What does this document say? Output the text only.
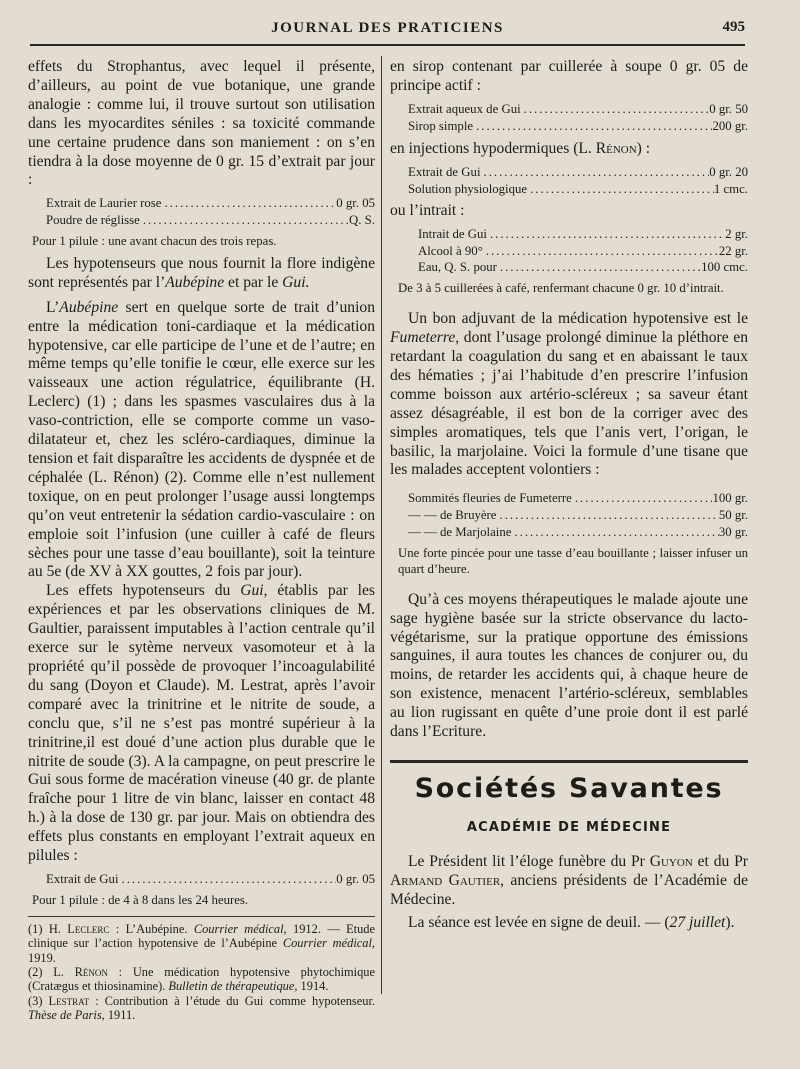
JOURNAL DES PRATICIENS	495

effets du Strophantus, avec lequel il présente, d’ailleurs, au point de vue botanique, une grande analogie : comme lui, il trouve surtout son utilisation dans les myocardites séniles : sa toxicité commande une certaine prudence dans son maniement : on s’en tiendra à la dose moyenne de 0 gr. 15 d’extrait par jour :

Extrait de Laurier rose .....	0 gr. 05
Poudre de réglisse .....	Q. S.

Pour 1 pilule : une avant chacun des trois repas.

Les hypotenseurs que nous fournit la flore indigène sont représentés par l’Aubépine et par le Gui.

L’Aubépine sert en quelque sorte de trait d’union entre la médication toni-cardiaque et la médication hypotensive, car elle participe de l’une et de l’autre; en même temps qu’elle tonifie le cœur, elle exerce sur les vaisseaux une action régulatrice, équilibrante (H. Leclerc) (1) ; dans les spasmes vasculaires dus à la vaso-contriction, elle se comporte comme un vaso-dilatateur et, chez les scléro-cardiaques, diminue la tension et fait disparaître les accidents de dyspnée et de céphalée (L. Rénon) (2). Comme elle n’est nullement toxique, on en peut prolonger l’usage aussi longtemps qu’on veut entretenir la sédation cardio-vasculaire : on emploie soit l’infusion (une cuiller à café de fleurs sèches pour une tasse d’eau bouillante), soit la teinture au 5e (de XV à XX gouttes, 2 fois par jour).

Les effets hypotenseurs du Gui, établis par les expériences et par les observations cliniques de M. Gaultier, paraissent imputables à l’action centrale qu’il exerce sur le sytème nerveux vasomoteur et à la propriété qu’il possède de provoquer l’incoagulabilité du sang (Doyon et Claude). M. Lestrat, après l’avoir comparé avec la trinitrine et le nitrite de soude, a conclu que, s’il ne s’est pas montré supérieur à la trinitrine,il est doué d’une action plus durable que le nitrite de soude (3). A la campagne, on peut prescrire le Gui sous forme de macération vineuse (40 gr. de plante fraîche pour 1 litre de vin blanc, laisser en contact 48 h.) à la dose de 130 gr. par jour. Mais on obtiendra des effets plus constants en employant l’extrait aqueux en pilules :

Extrait de Gui .....	0 gr. 05

Pour 1 pilule : de 4 à 8 dans les 24 heures.

(1) H. Leclerc : L’Aubépine. Courrier médical, 1912. — Etude clinique sur l’action hypotensive de l’Aubépine Courrier médical, 1919.

(2) L. Rénon : Une médication hypotensive phytochimique (Cratægus et thiosinamine). Bulletin de thérapeutique, 1914.

(3) Lestrat : Contribution à l’étude du Gui comme hypotenseur. Thèse de Paris, 1911.

en sirop contenant par cuillerée à soupe 0 gr. 05 de principe actif :

Extrait aqueux de Gui .....	0 gr. 50
Sirop simple .....	200 gr.

en injections hypodermiques (L. Rénon) :

Extrait de Gui .....	0 gr. 20
Solution physiologique .....	1 cmc.

ou l’intrait :

Intrait de Gui .....	2 gr.
Alcool à 90° .....	22 gr.
Eau, Q. S. pour .....	100 cmc.

De 3 à 5 cuillerées à café, renfermant chacune 0 gr. 10 d’intrait.

Un bon adjuvant de la médication hypotensive est le Fumeterre, dont l’usage prolongé diminue la pléthore en retardant la coagulation du sang et en abaissant le taux des hématies ; j’ai l’habitude d’en prescrire l’infusion comme boisson aux artério-scléreux ; sa saveur étant assez désagréable, il est bon de la corriger avec des simples aromatiques, tels que l’anis vert, l’origan, le basilic, la marjolaine. Voici la formule d’une tisane que les malades acceptent volontiers :

Sommités fleuries de Fumeterre .....	100 gr.
— — de Bruyère .....	50 gr.
— — de Marjolaine .....	30 gr.

Une forte pincée pour une tasse d’eau bouillante ; laisser infuser un quart d’heure.

Qu’à ces moyens thérapeutiques le malade ajoute une sage hygiène basée sur la stricte observance du lacto-végétarisme, sur la pratique opportune des émissions sanguines, il aura toutes les chances de conjurer ou, du moins, de retarder les accidents qui, à chaque heure de son existence, menacent l’artério-scléreux, semblables au lion rugissant en quête d’une proie dont il est parlé dans l’Ecriture.

Sociétés Savantes
ACADÉMIE DE MÉDECINE

Le Président lit l’éloge funèbre du Pr Guyon et du Pr Armand Gautier, anciens présidents de l’Académie de Médecine.

La séance est levée en signe de deuil. — (27 juillet).
